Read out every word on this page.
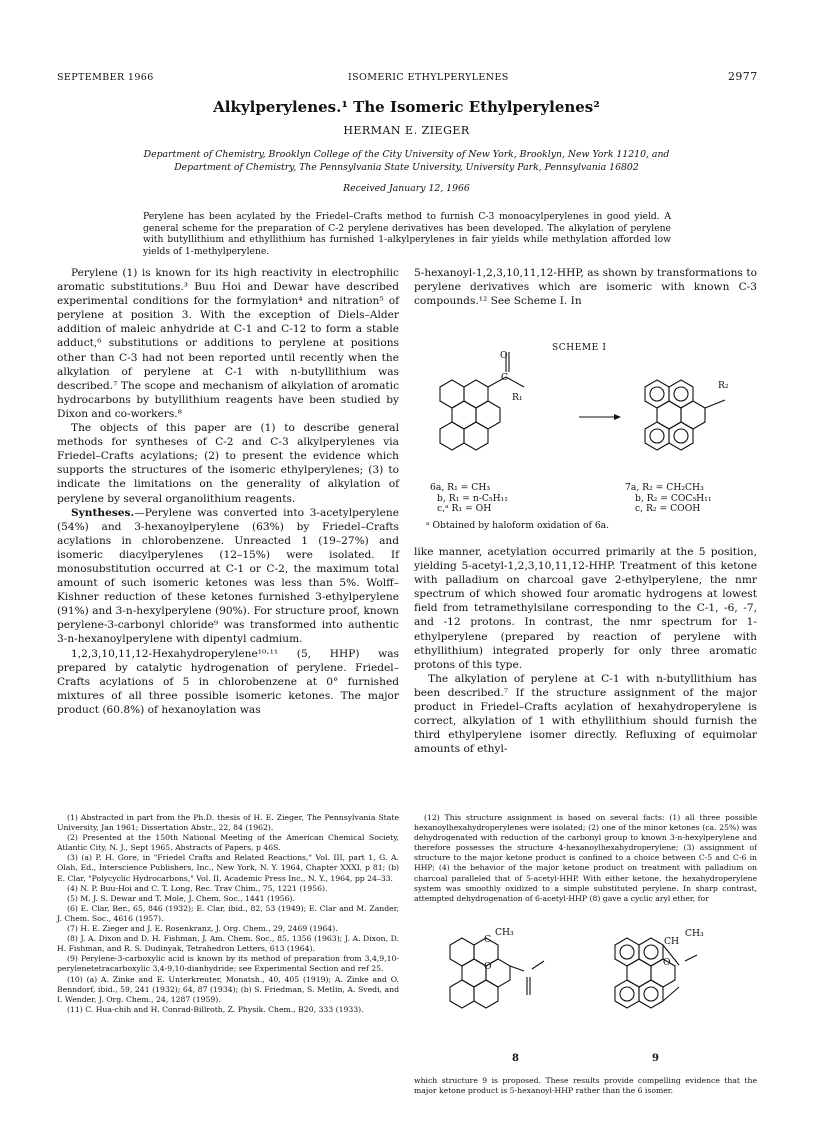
SEPTEMBER 1966	ISOMERIC ETHYLPERYLENES	2977
Alkylperylenes.¹ The Isomeric Ethylperylenes²
HERMAN E. ZIEGER
Department of Chemistry, Brooklyn College of the City University of New York, Brooklyn, New York 11210, and
Department of Chemistry, The Pennsylvania State University, University Park, Pennsylvania 16802
Received January 12, 1966
Perylene has been acylated by the Friedel–Crafts method to furnish C-3 monoacylperylenes in good yield. A general scheme for the preparation of C-2 perylene derivatives has been developed. The alkylation of perylene with butyllithium and ethyllithium has furnished 1-alkylperylenes in fair yields while methylation afforded low yields of 1-methylperylene.

Perylene (1) is known for its high reactivity in electrophilic aromatic substitutions.³ Buu Hoi and Dewar have described experimental conditions for the formylation⁴ and nitration⁵ of perylene at position 3. With the exception of Diels–Alder addition of maleic anhydride at C-1 and C-12 to form a stable adduct,⁶ substitutions or additions to perylene at positions other than C-3 had not been reported until recently when the alkylation of perylene at C-1 with n-butyllithium was described.⁷ The scope and mechanism of alkylation of aromatic hydrocarbons by butyllithium reagents have been studied by Dixon and co-workers.⁸

The objects of this paper are (1) to describe general methods for syntheses of C-2 and C-3 alkylperylenes via Friedel–Crafts acylations; (2) to present the evidence which supports the structures of the isomeric ethylperylenes; (3) to indicate the limitations on the generality of alkylation of perylene by several organolithium reagents.

Syntheses.—Perylene was converted into 3-acetylperylene (54%) and 3-hexanoylperylene (63%) by Friedel–Crafts acylations in chlorobenzene. Unreacted 1 (19–27%) and isomeric diacylperylenes (12–15%) were isolated. If monosubstitution occurred at C-1 or C-2, the maximum total amount of such isomeric ketones was less than 5%. Wolff–Kishner reduction of these ketones furnished 3-ethylperylene (91%) and 3-n-hexylperylene (90%). For structure proof, known perylene-3-carbonyl chloride⁹ was transformed into authentic 3-n-hexanoylperylene with dipentyl cadmium.

1,2,3,10,11,12-Hexahydroperylene¹⁰·¹¹ (5, HHP) was prepared by catalytic hydrogenation of perylene. Friedel–Crafts acylations of 5 in chlorobenzene at 0° furnished mixtures of all three possible isomeric ketones. The major product (60.8%) of hexanoylation was

5-hexanoyl-1,2,3,10,11,12-HHP, as shown by transformations to perylene derivatives which are isomeric with known C-3 compounds.¹² See Scheme I. In

SCHEME I
O
C
R₁
R₂
6a, R₁ = CH₃
b, R₁ = n-C₅H₁₁
c,ᵃ R₁ = OH
7a, R₂ = CH₂CH₃
b, R₂ = COC₅H₁₁
c, R₂ = COOH
ᵃ Obtained by haloform oxidation of 6a.

like manner, acetylation occurred primarily at the 5 position, yielding 5-acetyl-1,2,3,10,11,12-HHP. Treatment of this ketone with palladium on charcoal gave 2-ethylperylene, the nmr spectrum of which showed four aromatic hydrogens at lowest field from tetramethylsilane corresponding to the C-1, -6, -7, and -12 protons. In contrast, the nmr spectrum for 1-ethylperylene (prepared by reaction of perylene with ethyllithium) integrated properly for only three aromatic protons of this type.

The alkylation of perylene at C-1 with n-butyllithium has been described.⁷ If the structure assignment of the major product in Friedel–Crafts acylation of hexahydroperylene is correct, alkylation of 1 with ethyllithium should furnish the third ethylperylene isomer directly. Refluxing of equimolar amounts of ethyl-

(1) Abstracted in part from the Ph.D. thesis of H. E. Zieger, The Pennsylvania State University, Jan 1961; Dissertation Abstr., 22, 84 (1962).

(2) Presented at the 150th National Meeting of the American Chemical Society, Atlantic City, N. J., Sept 1965, Abstracts of Papers, p 46S.

(3) (a) P. H. Gore, in "Friedel Crafts and Related Reactions," Vol. III, part 1, G. A. Olah, Ed., Interscience Publishers, Inc., New York, N. Y. 1964, Chapter XXXI, p 81; (b) E. Clar, "Polycyclic Hydrocarbons," Vol. II, Academic Press Inc., N. Y., 1964, pp 24–33.

(4) N. P. Buu-Hoi and C. T. Long, Rec. Trav Chim., 75, 1221 (1956).

(5) M. J. S. Dewar and T. Mole, J. Chem. Soc., 1441 (1956).

(6) E. Clar, Ber., 65, 846 (1932); E. Clar, ibid., 82, 53 (1949); E. Clar and M. Zander, J. Chem. Soc., 4616 (1957).

(7) H. E. Zieger and J. E. Rosenkranz, J. Org. Chem., 29, 2469 (1964).

(8) J. A. Dixon and D. H. Fishman, J. Am. Chem. Soc., 85, 1356 (1963); J. A. Dixon, D. H. Fishman, and R. S. Dudinyak, Tetrahedron Letters, 613 (1964).

(9) Perylene-3-carboxylic acid is known by its method of preparation from 3,4,9,10-perylenetetracarboxylic 3,4-9,10-dianhydride; see Experimental Section and ref 25.

(10) (a) A. Zinke and E. Unterkreuter, Monatsh., 40, 405 (1919); A. Zinke and O. Benndorf, ibid., 59, 241 (1932); 64, 87 (1934); (b) S. Friedman, S. Metlin, A. Svedi, and I. Wender, J. Org. Chem., 24, 1287 (1959).

(11) C. Hua-chih and H. Conrad-Billroth, Z. Physik. Chem., B20, 333 (1933).

(12) This structure assignment is based on several facts: (1) all three possible hexanoylhexahydroperylenes were isolated; (2) one of the minor ketones (ca. 25%) was dehydrogenated with reduction of the carbonyl group to known 3-n-hexylperylene and therefore possesses the structure 4-hexanoylhexahydroperylene; (3) assignment of structure to the major ketone product is confined to a choice between C-5 and C-6 in HHP; (4) the behavior of the major ketone product on treatment with palladium on charcoal paralleled that of 5-acetyl-HHP. With either ketone, the hexahydroperylene system was smoothly oxidized to a simple substituted perylene. In sharp contrast, attempted dehydrogenation of 6-acetyl-HHP (8) gave a cyclic aryl ether, for

CH₃
C
O
CH₃
CH
O
8	9

which structure 9 is proposed. These results provide compelling evidence that the major ketone product is 5-hexanoyl-HHP rather than the 6 isomer.
